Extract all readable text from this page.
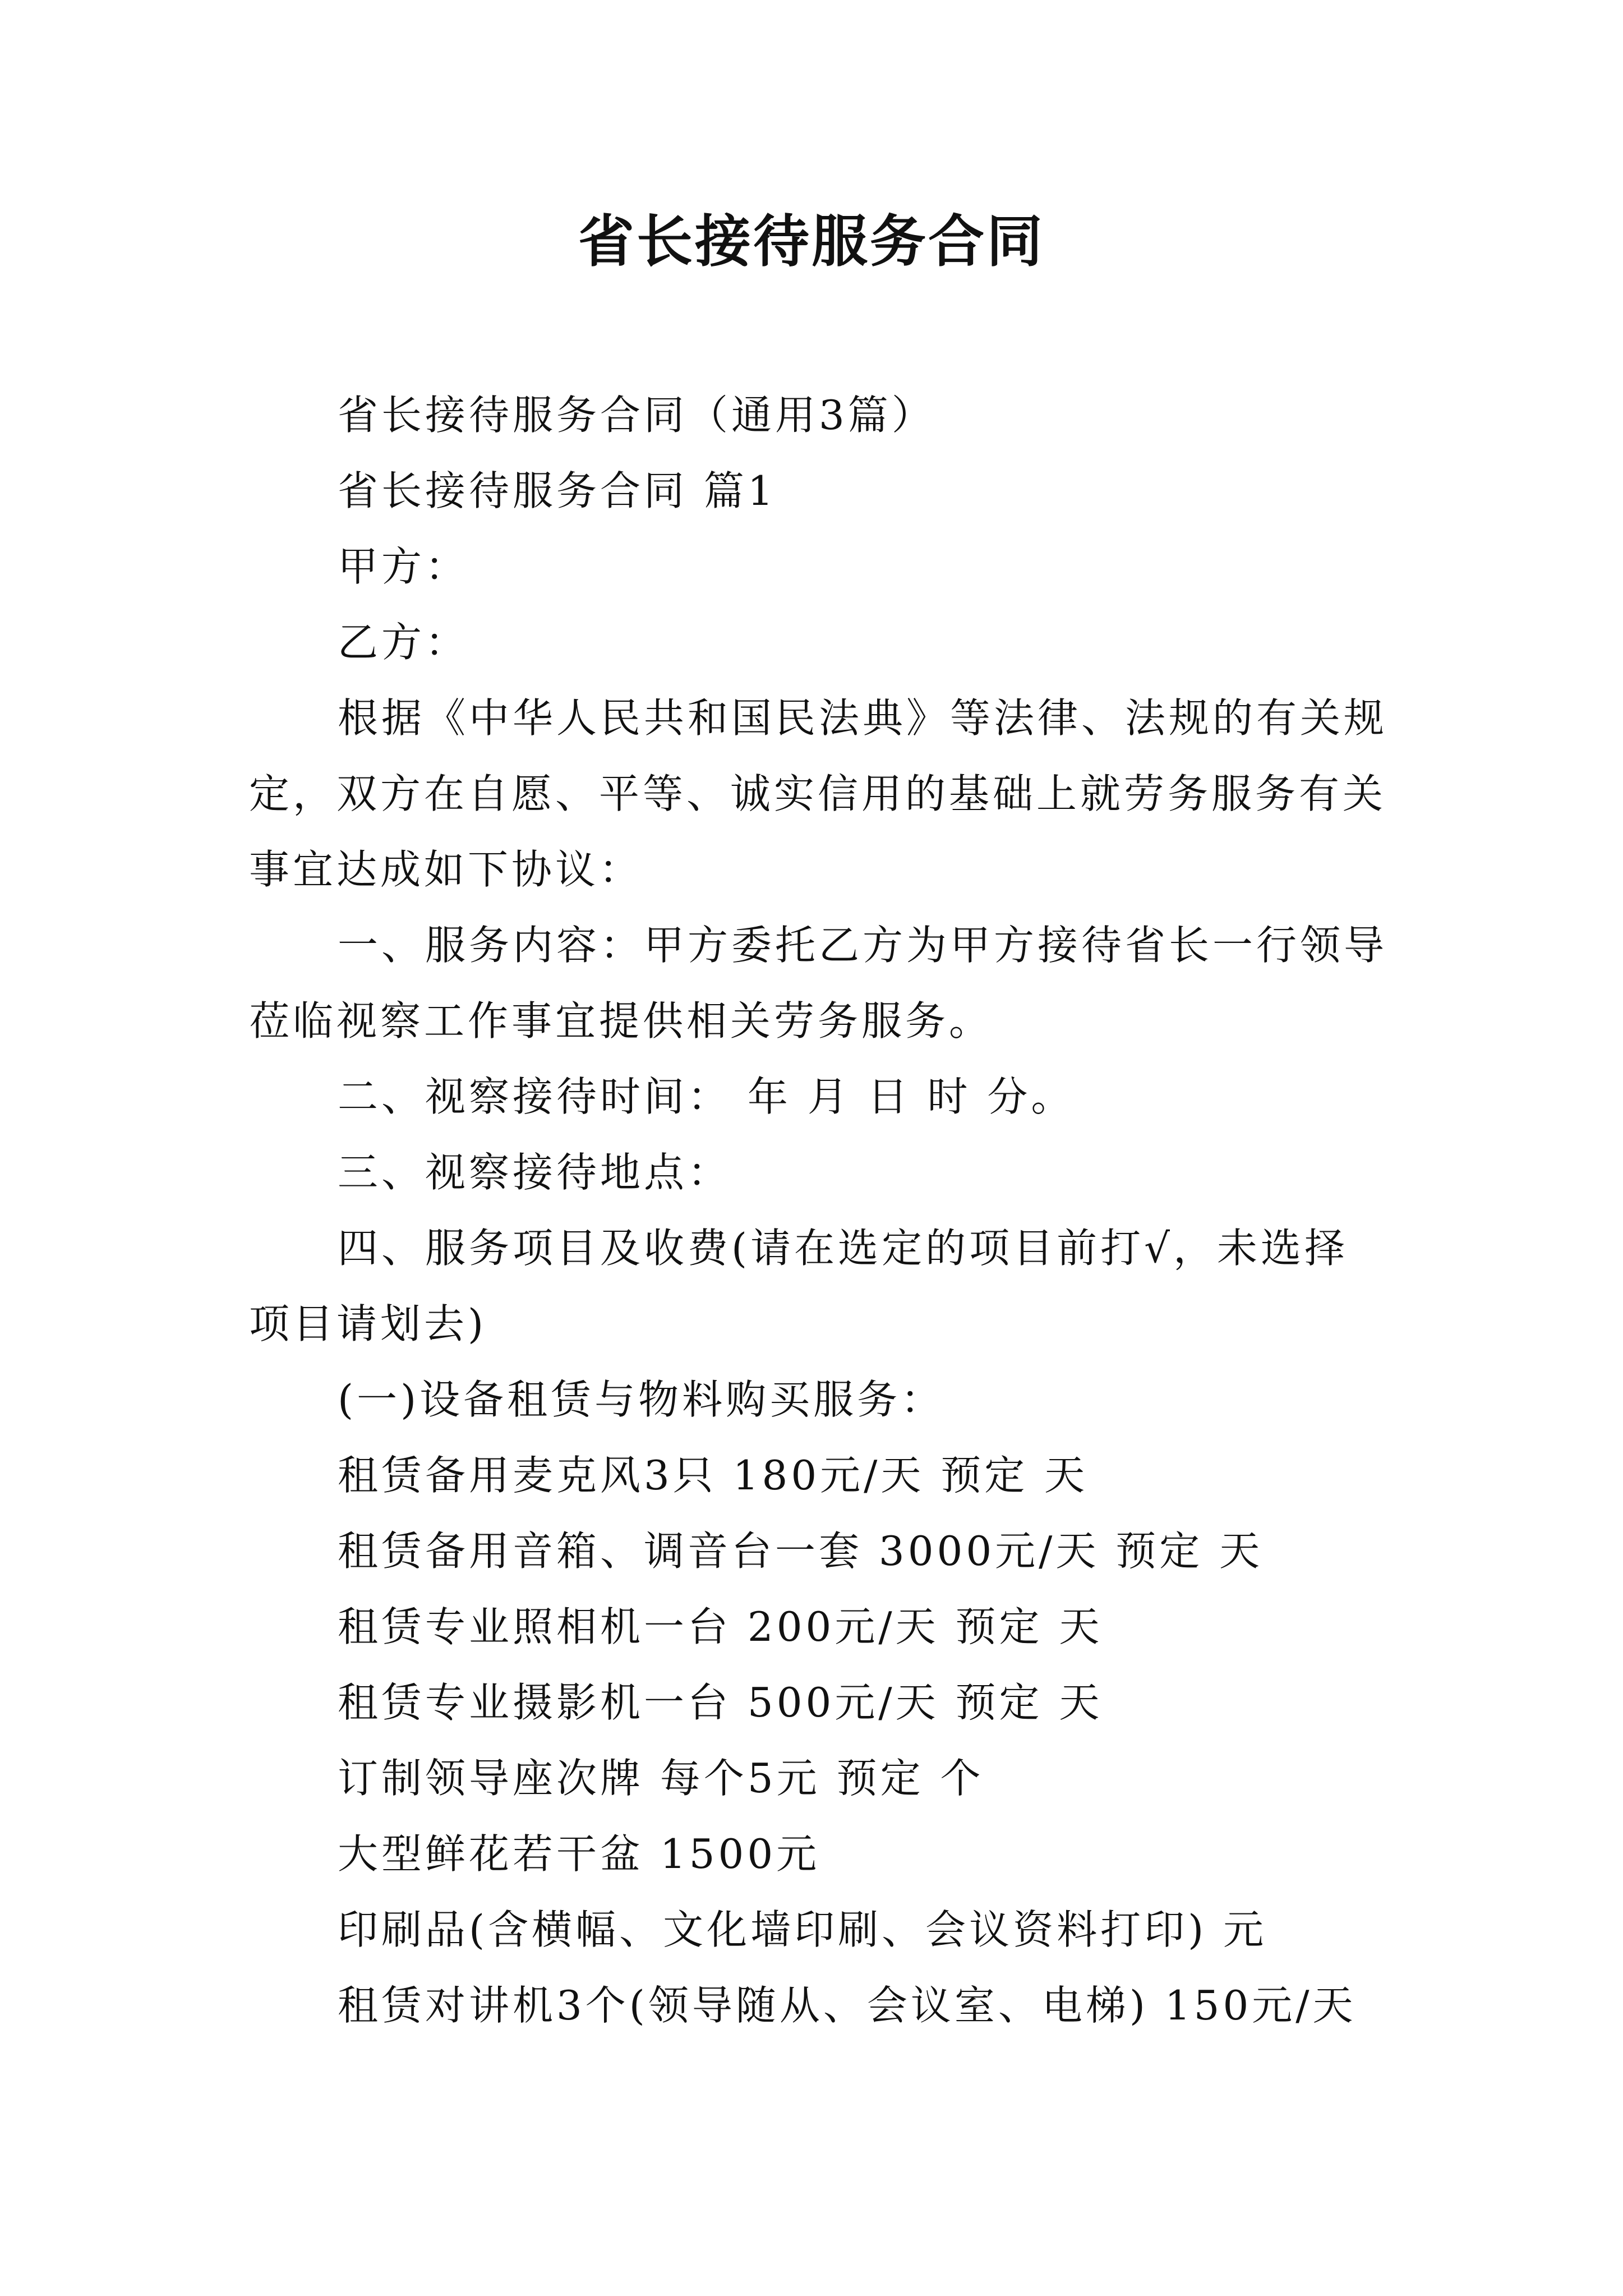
省长接待服务合同
省长接待服务合同（通用3篇）
省长接待服务合同 篇1
甲方：
乙方：
根据《中华人民共和国民法典》等法律、法规的有关规
定，双方在自愿、平等、诚实信用的基础上就劳务服务有关
事宜达成如下协议：
一、服务内容：甲方委托乙方为甲方接待省长一行领导
莅临视察工作事宜提供相关劳务服务。
二、视察接待时间： 年 月 日 时 分。
三、视察接待地点：
四、服务项目及收费(请在选定的项目前打√，未选择
项目请划去)
(一)设备租赁与物料购买服务：
租赁备用麦克风3只 180元/天 预定 天
租赁备用音箱、调音台一套 3000元/天 预定 天
租赁专业照相机一台 200元/天 预定 天
租赁专业摄影机一台 500元/天 预定 天
订制领导座次牌 每个5元 预定 个
大型鲜花若干盆 1500元
印刷品(含横幅、文化墙印刷、会议资料打印) 元
租赁对讲机3个(领导随从、会议室、电梯) 150元/天
